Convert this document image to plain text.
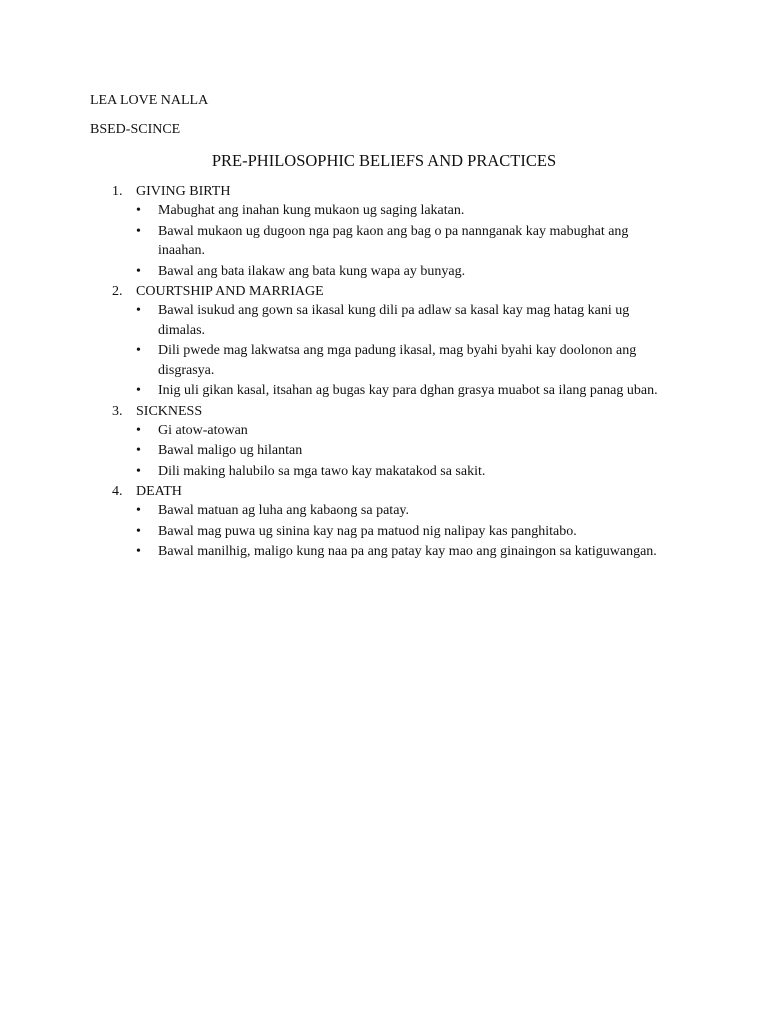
LEA LOVE NALLA
BSED-SCINCE
PRE-PHILOSOPHIC BELIEFS AND PRACTICES
1. GIVING BIRTH
•	Mabughat ang inahan kung mukaon ug saging lakatan.
•	Bawal mukaon ug dugoon nga pag kaon ang bag o pa nannganak kay mabughat ang inaahan.
•	Bawal ang bata ilakaw ang bata kung wapa ay bunyag.
2. COURTSHIP AND MARRIAGE
•	Bawal isukud ang gown sa ikasal kung dili pa adlaw sa kasal kay mag hatag kani ug dimalas.
•	Dili pwede mag lakwatsa ang mga padung ikasal, mag byahi byahi kay doolonon ang disgrasya.
•	Inig uli gikan kasal, itsahan ag bugas kay para dghan grasya muabot sa ilang panag uban.
3. SICKNESS
•	Gi atow-atowan
•	Bawal maligo ug hilantan
•	Dili making halubilo sa mga tawo kay makatakod sa sakit.
4. DEATH
•	Bawal matuan ag luha ang kabaong sa patay.
•	Bawal mag puwa ug sinina kay nag pa matuod nig nalipay kas panghitabo.
•	Bawal manilhig, maligo kung naa pa ang patay kay mao ang ginaingon sa katiguwangan.
